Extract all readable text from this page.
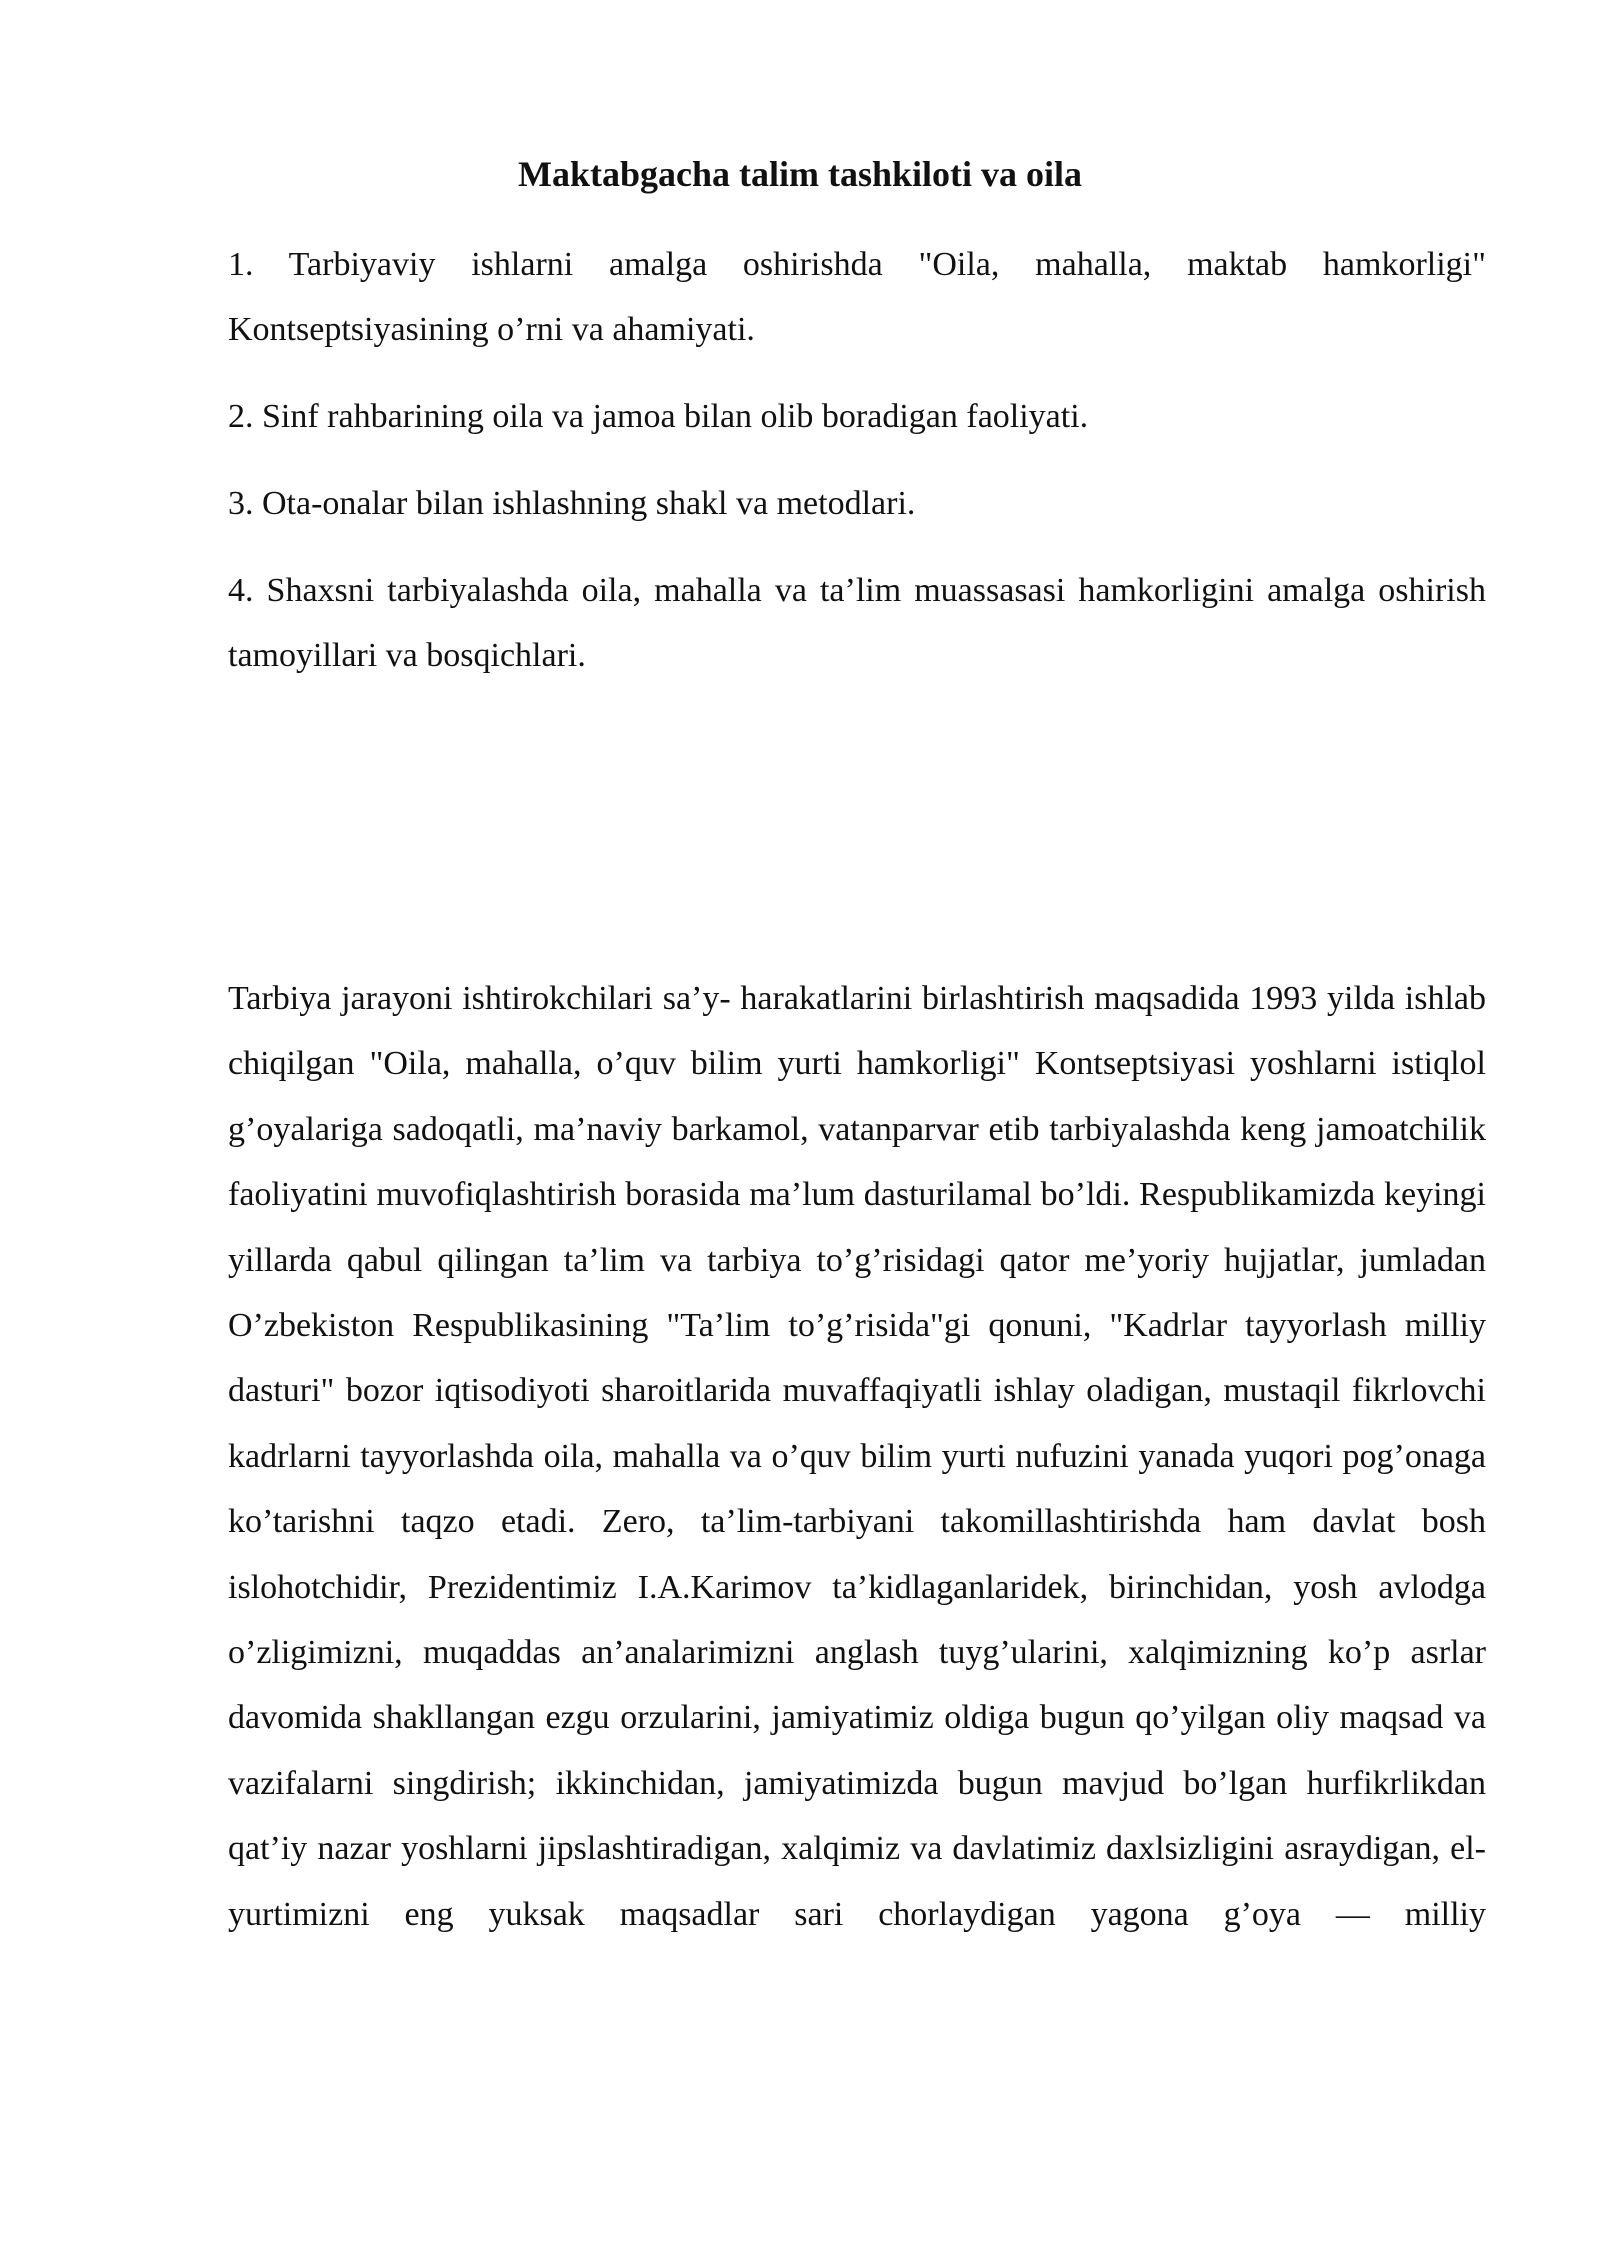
Maktabgacha talim tashkiloti va oila
1. Tarbiyaviy ishlarni amalga oshirishda "Oila, mahalla, maktab hamkorligi" Kontseptsiyasining o’rni va ahamiyati.
2. Sinf rahbarining oila va jamoa bilan olib boradigan faoliyati.
3. Ota-onalar bilan ishlashning shakl va metodlari.
4. Shaxsni tarbiyalashda oila, mahalla va ta’lim muassasasi hamkorligini amalga oshirish tamoyillari va bosqichlari.

Tarbiya jarayoni ishtirokchilari sa’y- harakatlarini birlashtirish maqsadida 1993 yilda ishlab chiqilgan "Oila, mahalla, o’quv bilim yurti hamkorligi" Kontseptsiyasi yoshlarni istiqlol g’oyalariga sadoqatli, ma’naviy barkamol, vatanparvar etib tarbiyalashda keng jamoatchilik faoliyatini muvofiqlashtirish borasida ma’lum dasturilamal bo’ldi. Respublikamizda keyingi yillarda qabul qilingan ta’lim va tarbiya to’g’risidagi qator me’yoriy hujjatlar, jumladan O’zbekiston Respublikasining "Ta’lim to’g’risida"gi qonuni, "Kadrlar tayyorlash milliy dasturi" bozor iqtisodiyoti sharoitlarida muvaffaqiyatli ishlay oladigan, mustaqil fikrlovchi kadrlarni tayyorlashda oila, mahalla va o’quv bilim yurti nufuzini yanada yuqori pog’onaga ko’tarishni taqzo etadi. Zero, ta’lim-tarbiyani takomillashtirishda ham davlat bosh islohotchidir, Prezidentimiz I.A.Karimov ta’kidlaganlaridek, birinchidan, yosh avlodga o’zligimizni, muqaddas an’analarimizni anglash tuyg’ularini, xalqimizning ko’p asrlar davomida shakllangan ezgu orzularini, jamiyatimiz oldiga bugun qo’yilgan oliy maqsad va vazifalarni singdirish; ikkinchidan, jamiyatimizda bugun mavjud bo’lgan hurfikrlikdan qat’iy nazar yoshlarni jipslashtiradigan, xalqimiz va davlatimiz daxlsizligini asraydigan, el-yurtimizni eng yuksak maqsadlar sari chorlaydigan yagona g’oya — milliy
